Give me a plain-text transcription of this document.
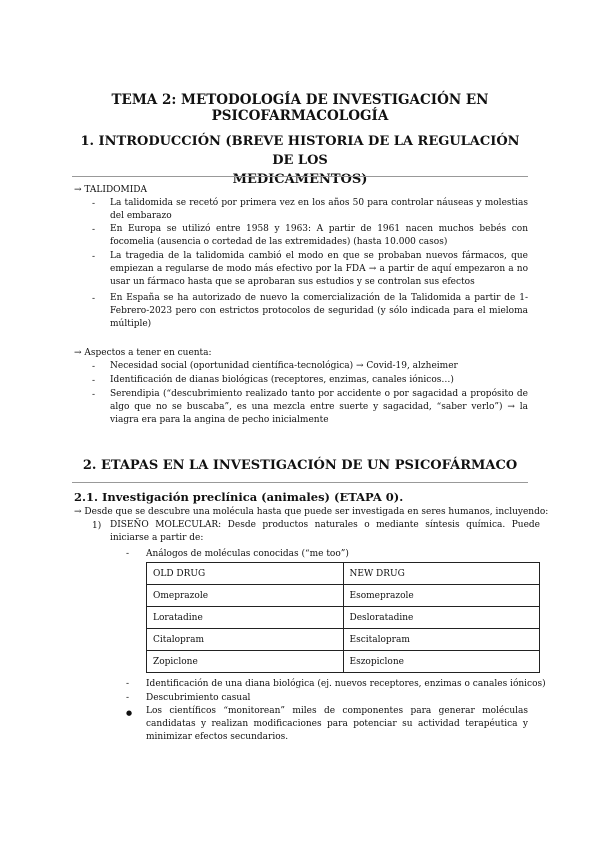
TEMA 2: METODOLOGÍA DE INVESTIGACIÓN EN PSICOFARMACOLOGÍA
1. INTRODUCCIÓN (BREVE HISTORIA DE LA REGULACIÓN DE LOS
MEDICAMENTOS)
→ TALIDOMIDA
- La talidomida se recetó por primera vez en los años 50 para controlar náuseas y molestias del embarazo
- En Europa se utilizó entre 1958 y 1963: A partir de 1961 nacen muchos bebés con focomelia (ausencia o cortedad de las extremidades) (hasta 10.000 casos)
- La tragedia de la talidomida cambió el modo en que se probaban nuevos fármacos, que empiezan a regularse de modo más efectivo por la FDA → a partir de aquí empezaron a no usar un fármaco hasta que se aprobaran sus estudios y se controlan sus efectos
- En España se ha autorizado de nuevo la comercialización de la Talidomida a partir de 1-Febrero-2023 pero con estrictos protocolos de seguridad (y sólo indicada para el mieloma múltiple)
→ Aspectos a tener en cuenta:
- Necesidad social (oportunidad científica-tecnológica) → Covid-19, alzheimer
- Identificación de dianas biológicas (receptores, enzimas, canales iónicos…)
- Serendipia (“descubrimiento realizado tanto por accidente o por sagacidad a propósito de algo que no se buscaba”, es una mezcla entre suerte y sagacidad, “saber verlo”) → la viagra era para la angina de pecho inicialmente
2. ETAPAS EN LA INVESTIGACIÓN DE UN PSICOFÁRMACO
2.1. Investigación preclínica (animales) (ETAPA 0).
→ Desde que se descubre una molécula hasta que puede ser investigada en seres humanos, incluyendo:
1) DISEÑO MOLECULAR: Desde productos naturales o mediante síntesis química. Puede iniciarse a partir de:
- Análogos de moléculas conocidas (“me too”)
OLD DRUG	NEW DRUG
Omeprazole	Esomeprazole
Loratadine	Desloratadine
Citalopram	Escitalopram
Zopiclone	Eszopiclone
- Identificación de una diana biológica (ej. nuevos receptores, enzimas o canales iónicos)
- Descubrimiento casual
● Los científicos “monitorean” miles de componentes para generar moléculas candidatas y realizan modificaciones para potenciar su actividad terapéutica y minimizar efectos secundarios.
